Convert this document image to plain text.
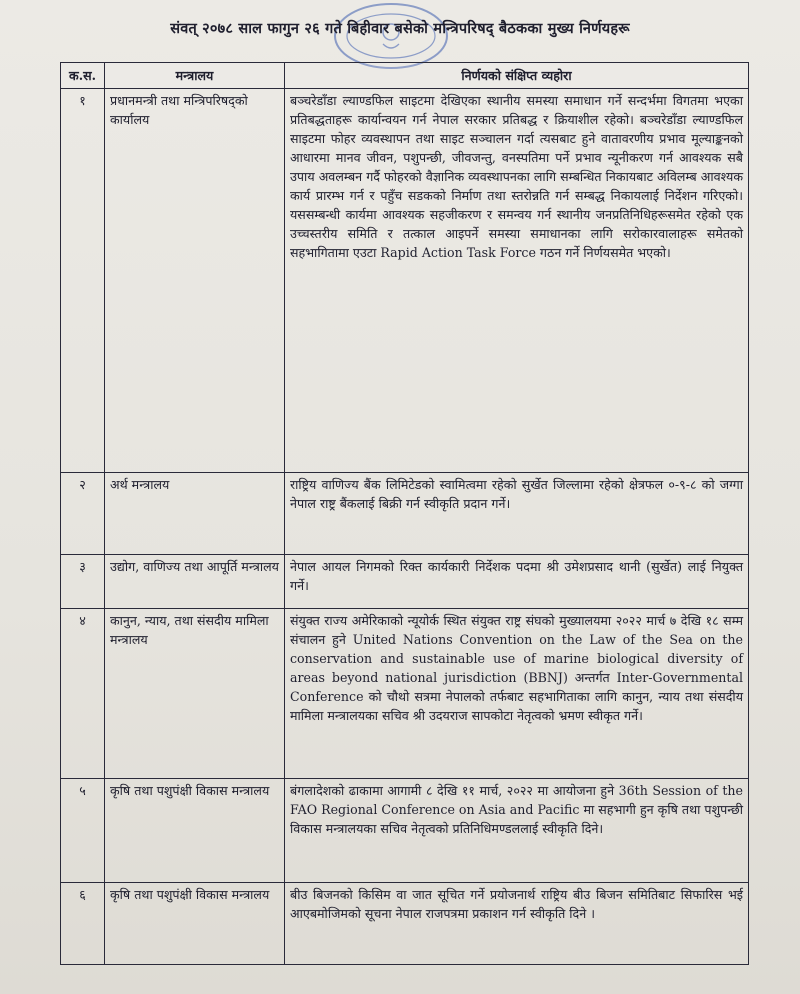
संवत् २०७८ साल फागुन २६ गते बिहीवार बसेको मन्त्रिपरिषद् बैठकका मुख्य निर्णयहरू
क.स.	मन्त्रालय	निर्णयको संक्षिप्त व्यहोरा
१	प्रधानमन्त्री तथा मन्त्रिपरिषद्को कार्यालय	बञ्चरेडाँडा ल्याण्डफिल साइटमा देखिएका स्थानीय समस्या समाधान गर्ने सन्दर्भमा विगतमा भएका प्रतिबद्धताहरू कार्यान्वयन गर्न नेपाल सरकार प्रतिबद्ध र क्रियाशील रहेको। बञ्चरेडाँडा ल्याण्डफिल साइटमा फोहर व्यवस्थापन तथा साइट सञ्चालन गर्दा त्यसबाट हुने वातावरणीय प्रभाव मूल्याङ्कनको आधारमा मानव जीवन, पशुपन्छी, जीवजन्तु, वनस्पतिमा पर्ने प्रभाव न्यूनीकरण गर्न आवश्यक सबै उपाय अवलम्बन गर्दै फोहरको वैज्ञानिक व्यवस्थापनका लागि सम्बन्धित निकायबाट अविलम्ब आवश्यक कार्य प्रारम्भ गर्न र पहुँच सडकको निर्माण तथा स्तरोन्नति गर्न सम्बद्ध निकायलाई निर्देशन गरिएको। यससम्बन्धी कार्यमा आवश्यक सहजीकरण र समन्वय गर्न स्थानीय जनप्रतिनिधिहरूसमेत रहेको एक उच्चस्तरीय समिति र तत्काल आइपर्ने समस्या समाधानका लागि सरोकारवालाहरू समेतको सहभागितामा एउटा Rapid Action Task Force गठन गर्ने निर्णयसमेत भएको।
२	अर्थ मन्त्रालय	राष्ट्रिय वाणिज्य बैंक लिमिटेडको स्वामित्वमा रहेको सुर्खेत जिल्लामा रहेको क्षेत्रफल ०-९-८ को जग्गा नेपाल राष्ट्र बैंकलाई बिक्री गर्न स्वीकृति प्रदान गर्ने।
३	उद्योग, वाणिज्य तथा आपूर्ति मन्त्रालय	नेपाल आयल निगमको रिक्त कार्यकारी निर्देशक पदमा श्री उमेशप्रसाद थानी (सुर्खेत) लाई नियुक्त गर्ने।
४	कानुन, न्याय, तथा संसदीय मामिला मन्त्रालय	संयुक्त राज्य अमेरिकाको न्यूयोर्क स्थित संयुक्त राष्ट्र संघको मुख्यालयमा २०२२ मार्च ७ देखि १८ सम्म संचालन हुने United Nations Convention on the Law of the Sea on the conservation and sustainable use of marine biological diversity of areas beyond national jurisdiction (BBNJ) अन्तर्गत Inter-Governmental Conference को चौथो सत्रमा नेपालको तर्फबाट सहभागिताका लागि कानुन, न्याय तथा संसदीय मामिला मन्त्रालयका सचिव श्री उदयराज सापकोटा नेतृत्वको भ्रमण स्वीकृत गर्ने।
५	कृषि तथा पशुपंक्षी विकास मन्त्रालय	बंगलादेशको ढाकामा आगामी ८ देखि ११ मार्च, २०२२ मा आयोजना हुने 36th Session of the FAO Regional Conference on Asia and Pacific मा सहभागी हुन कृषि तथा पशुपन्छी विकास मन्त्रालयका सचिव नेतृत्वको प्रतिनिधिमण्डललाई स्वीकृति दिने।
६	कृषि तथा पशुपंक्षी विकास मन्त्रालय	बीउ बिजनको किसिम वा जात सूचित गर्ने प्रयोजनार्थ राष्ट्रिय बीउ बिजन समितिबाट सिफारिस भई आएबमोजिमको सूचना नेपाल राजपत्रमा प्रकाशन गर्न स्वीकृति दिने ।
